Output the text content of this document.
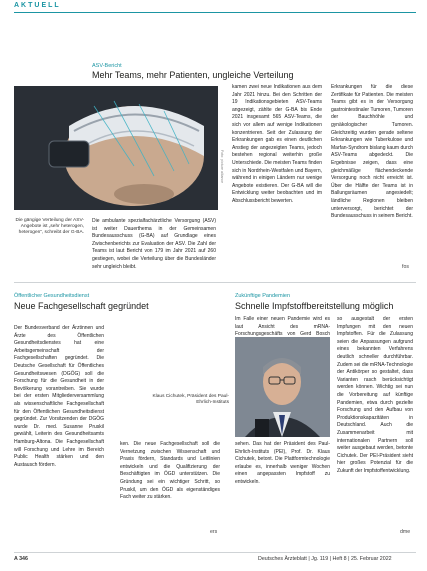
AKTUELL
ASV-Bericht
Mehr Teams, mehr Patienten, ungleiche Verteilung
Foto: picture alliance
Die gängige Verteilung der ASV-Angebote ist „sehr heterogen, heterogen“, schreibt der G-BA.
Die ambulante spezialfachärztliche Versorgung (ASV) ist weiter Dauerthema in der Gemeinsamen Bundesausschuss (G-BA) auf Grundlage eines Zwischenberichts zur Evaluation der ASV. Die Zahl der Teams ist laut Bericht von 179 im Jahr 2021 auf 260 gestiegen, wobei die Verteilung über die Bundesländer sehr ungleich bleibt.
kamen zwei neue Indikationen aus dem Jahr 2021 hinzu. Bei den Schritten der 19 Indikationsgebieten ASV-Teams angezeigt, zählte der G-BA bis Ende 2021 insgesamt 565 ASV-Teams, die sich vor allem auf wenige Indikationen konzentrieren. Seit der Zulassung der Erkrankungen gab es einen deutlichen Anstieg der angezeigten Teams, jedoch bestehen regional weiterhin große Unterschiede. Die meisten Teams finden sich in Nordrhein-Westfalen und Bayern, während in einigen Ländern nur wenige Angebote existieren. Der G-BA will die Entwicklung weiter beobachten und im Abschlussbericht bewerten.
Erkrankungen für die diese Zertifikate für Patienten. Die meisten Teams gibt es in der Versorgung gastrointestinaler Tumoren, Tumoren der Bauchhöhle und gynäkologischer Tumoren. Gleichzeitig wurden gerade seltene Erkrankungen wie Tuberkulose und Marfan-Syndrom bislang kaum durch ASV-Teams abgedeckt. Die Ergebnisse zeigen, dass eine gleichmäßige flächendeckende Versorgung noch nicht erreicht ist. Über die Hälfte der Teams ist in Ballungsräumen angesiedelt; ländliche Regionen bleiben unterversorgt, berichtet der Bundesausschuss in seinem Bericht.
fos
Öffentlicher Gesundheitsdienst
Neue Fachgesellschaft gegründet
Der Bundesverband der Ärztinnen und Ärzte des Öffentlichen Gesundheitsdienstes hat eine Arbeitsgemeinschaft der Fachgesellschaften gegründet. Die Deutsche Gesellschaft für Öffentliches Gesundheitswesen (DGÖG) soll die Forschung für die Gesundheit in der Bevölkerung vorantreiben. Sie wurde bei der ersten Mitgliederversammlung als wissenschaftliche Fachgesellschaft für den Öffentlichen Gesundheitsdienst gegründet. Zur Vorsitzenden der DGÖG wurde Dr. med. Susanne Pruskil gewählt, Leiterin des Gesundheitsamts Hamburg-Altona. Die Fachgesellschaft will Forschung und Lehre im Bereich Public Health stärken und den Austausch fördern.
ken. Die neue Fachgesellschaft soll die Vernetzung zwischen Wissenschaft und Praxis fördern, Standards und Leitlinien entwickeln und die Qualifizierung der Beschäftigten im ÖGD unterstützen. Die Gründung sei ein wichtiger Schritt, so Pruskil, um den ÖGD als eigenständiges Fach weiter zu stärken.
ers
Zukünftige Pandemien
Schnelle Impfstoffbereitstellung möglich
Im Falle einer neuen Pandemie wird es laut Ansicht des mRNA-Forschungsgeschäfts von Gerd Bosch
Klaus Cichutek, Präsident des Paul-Ehrlich-Instituts
sehen. Das hat der Präsident des Paul-Ehrlich-Instituts (PEI), Prof. Dr. Klaus Cichutek, betont. Die Plattformtechnologie erlaube es, innerhalb weniger Wochen einen angepassten Impfstoff zu entwickeln.
so ausgestalt der ersten Impfungen mit den neuen Impfstoffen. Für die Zulassung seien die Anpassungen aufgrund eines bekannten Verfahrens deutlich schneller durchführbar. Zudem sei die mRNA-Technologie der Antikörper so gestaltet, dass Varianten rasch berücksichtigt werden können. Wichtig sei nun die Vorbereitung auf künftige Pandemien, etwa durch gezielte Forschung und den Aufbau von Produktionskapazitäten in Deutschland. Auch die Zusammenarbeit mit internationalen Partnern soll weiter ausgebaut werden, betonte Cichutek. Der PEI-Präsident sieht hier großes Potenzial für die Zukunft der Impfstoffentwicklung.
dme
A 346	Deutsches Ärzteblatt | Jg. 119 | Heft 8 | 25. Februar 2022
